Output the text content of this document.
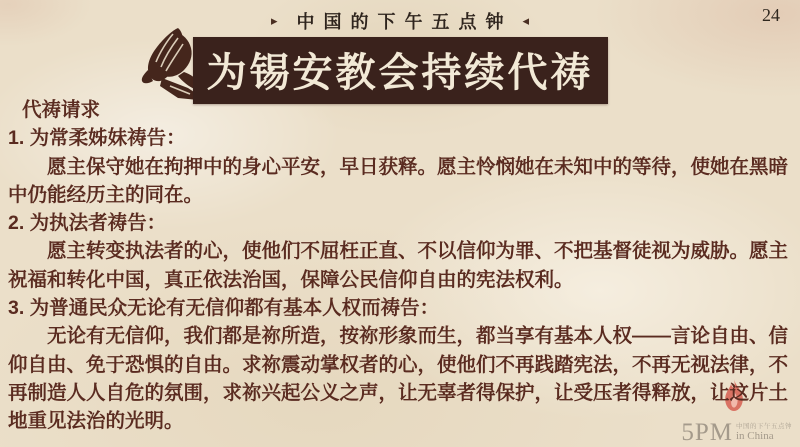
24
▸	中国的下午五点钟 ◂
为锡安教会持续代祷
代祷请求

1. 为常柔姊妹祷告：

愿主保守她在拘押中的身心平安，早日获释。愿主怜悯她在未知中的等待，使她在黑暗中仍能经历主的同在。

2. 为执法者祷告：

愿主转变执法者的心，使他们不屈枉正直、不以信仰为罪、不把基督徒视为威胁。愿主祝福和转化中国，真正依法治国，保障公民信仰自由的宪法权利。

3. 为普通民众无论有无信仰都有基本人权而祷告：

无论有无信仰，我们都是祢所造，按祢形象而生，都当享有基本人权——言论自由、信仰自由、免于恐惧的自由。求祢震动掌权者的心，使他们不再践踏宪法，不再无视法律，不再制造人人自危的氛围，求祢兴起公义之声，让无辜者得保护，让受压者得释放，让这片土地重见法治的光明。	5PM 中国的下午五点钟
in China
